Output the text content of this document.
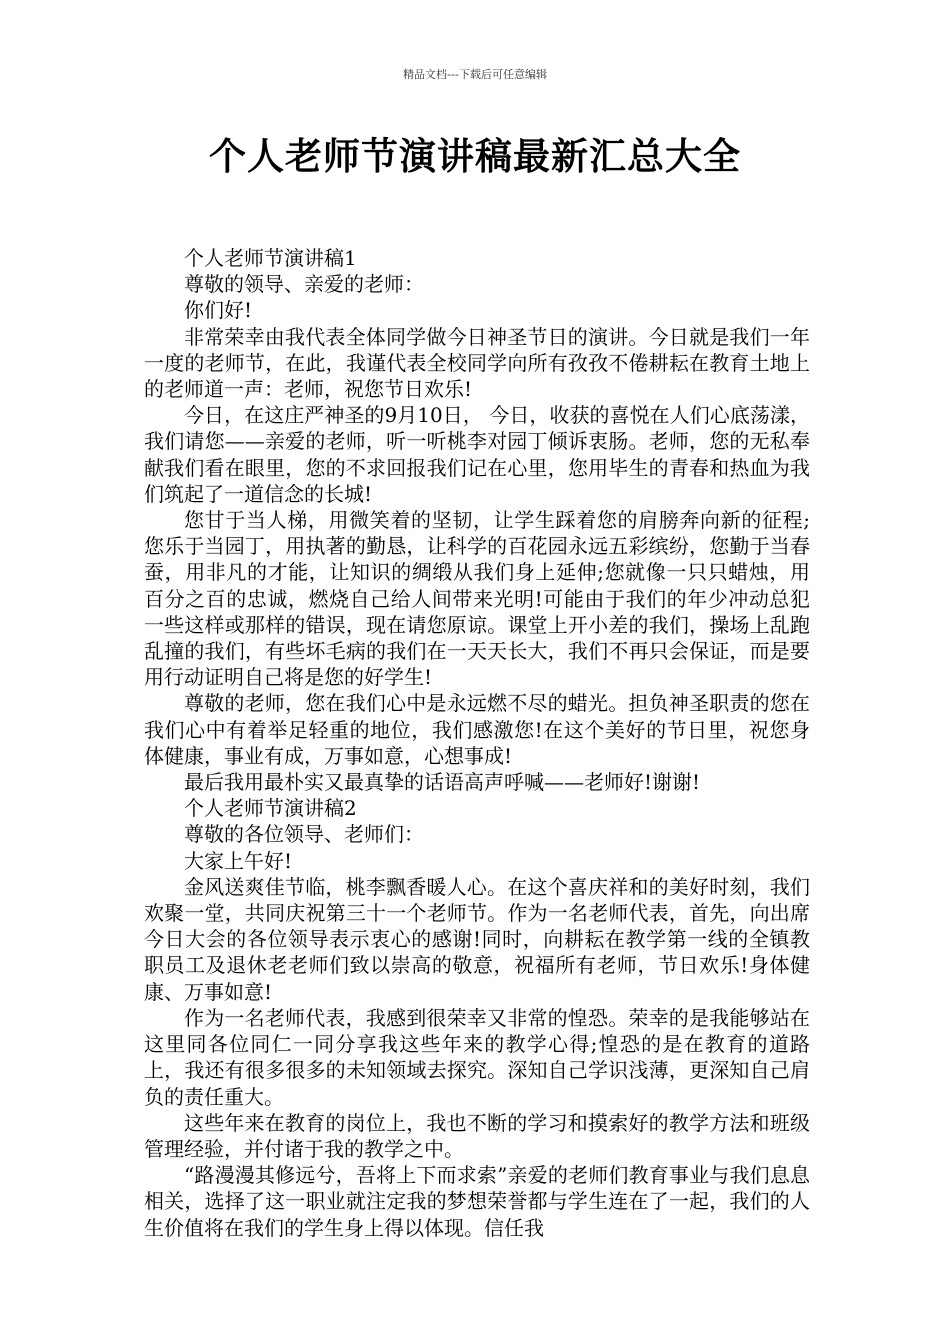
精品文档---下载后可任意编辑
个人老师节演讲稿最新汇总大全

个人老师节演讲稿1

尊敬的领导、亲爱的老师：

你们好!

非常荣幸由我代表全体同学做今日神圣节日的演讲。今日就是我们一年一度的老师节，在此，我谨代表全校同学向所有孜孜不倦耕耘在教育土地上的老师道一声：老师，祝您节日欢乐!

今日，在这庄严神圣的9月10日， 今日，收获的喜悦在人们心底荡漾，我们请您——亲爱的老师，听一听桃李对园丁倾诉衷肠。老师，您的无私奉献我们看在眼里，您的不求回报我们记在心里，您用毕生的青春和热血为我们筑起了一道信念的长城!

您甘于当人梯，用微笑着的坚韧，让学生踩着您的肩膀奔向新的征程;您乐于当园丁，用执著的勤恳，让科学的百花园永远五彩缤纷，您勤于当春蚕，用非凡的才能，让知识的绸缎从我们身上延伸;您就像一只只蜡烛，用百分之百的忠诚，燃烧自己给人间带来光明!可能由于我们的年少冲动总犯一些这样或那样的错误，现在请您原谅。课堂上开小差的我们，操场上乱跑乱撞的我们，有些坏毛病的我们在一天天长大，我们不再只会保证，而是要用行动证明自己将是您的好学生!

尊敬的老师，您在我们心中是永远燃不尽的蜡光。担负神圣职责的您在我们心中有着举足轻重的地位，我们感激您!在这个美好的节日里，祝您身体健康，事业有成，万事如意，心想事成!

最后我用最朴实又最真挚的话语高声呼喊——老师好!谢谢!

个人老师节演讲稿2

尊敬的各位领导、老师们：

大家上午好!

金风送爽佳节临，桃李飘香暖人心。在这个喜庆祥和的美好时刻，我们欢聚一堂，共同庆祝第三十一个老师节。作为一名老师代表，首先，向出席今日大会的各位领导表示衷心的感谢!同时，向耕耘在教学第一线的全镇教职员工及退休老老师们致以崇高的敬意，祝福所有老师，节日欢乐!身体健康、万事如意!

作为一名老师代表，我感到很荣幸又非常的惶恐。荣幸的是我能够站在这里同各位同仁一同分享我这些年来的教学心得;惶恐的是在教育的道路上，我还有很多很多的未知领域去探究。深知自己学识浅薄，更深知自己肩负的责任重大。

这些年来在教育的岗位上，我也不断的学习和摸索好的教学方法和班级管理经验，并付诸于我的教学之中。

“路漫漫其修远兮，吾将上下而求索”亲爱的老师们教育事业与我们息息相关，选择了这一职业就注定我的梦想荣誉都与学生连在了一起，我们的人生价值将在我们的学生身上得以体现。信任我
